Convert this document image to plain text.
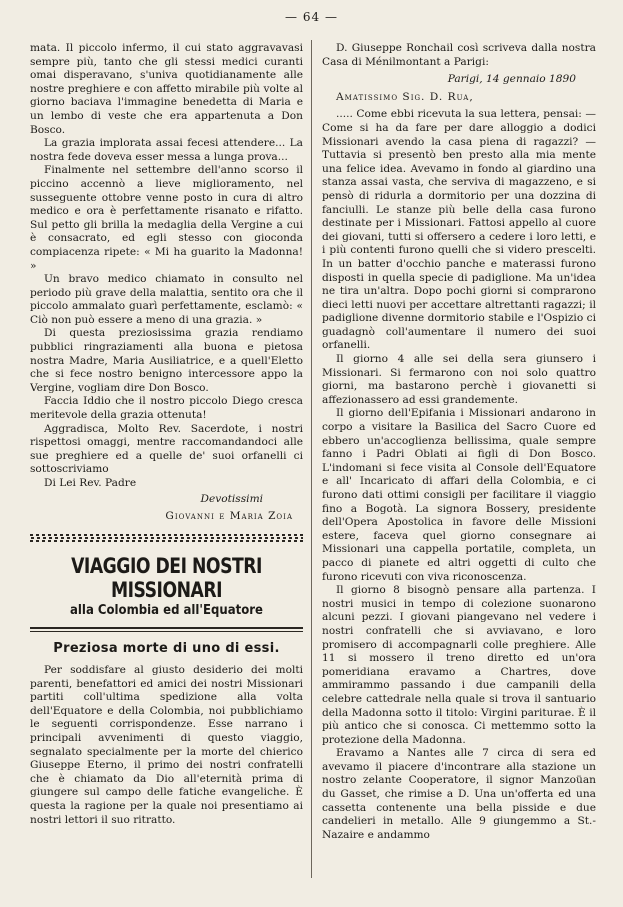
— 64 —

mata. Il piccolo infermo, il cui stato aggravavasi sempre più, tanto che gli stessi medici curanti omai disperavano, s'univa quotidianamente alle nostre preghiere e con affetto mirabile più volte al giorno baciava l'immagine benedetta di Maria e un lembo di veste che era appartenuta a Don Bosco.

La grazia implorata assai fecesi attendere... La nostra fede doveva esser messa a lunga prova...

Finalmente nel settembre dell'anno scorso il piccino accennò a lieve miglioramento, nel susseguente ottobre venne posto in cura di altro medico e ora è perfettamente risanato e rifatto. Sul petto gli brilla la medaglia della Vergine a cui è consacrato, ed egli stesso con gioconda compiacenza ripete: « Mi ha guarito la Madonna! »

Un bravo medico chiamato in consulto nel periodo più grave della malattia, sentito ora che il piccolo ammalato guarì perfettamente, esclamò: « Ciò non può essere a meno di una grazia. »

Di questa preziosissima grazia rendiamo pubblici ringraziamenti alla buona e pietosa nostra Madre, Maria Ausiliatrice, e a quell'Eletto che si fece nostro benigno intercessore appo la Vergine, vogliam dire Don Bosco.

Faccia Iddio che il nostro piccolo Diego cresca meritevole della grazia ottenuta!

Aggradisca, Molto Rev. Sacerdote, i nostri rispettosi omaggi, mentre raccomandandoci alle sue preghiere ed a quelle de' suoi orfanelli ci sottoscriviamo

Di Lei Rev. Padre

Devotissimi
Giovanni e Maria Zoia
VIAGGIO DEI NOSTRI MISSIONARI
alla Colombia ed all'Equatore
Preziosa morte di uno di essi.

Per soddisfare al giusto desiderio dei molti parenti, benefattori ed amici dei nostri Missionari partiti coll'ultima spedizione alla volta dell'Equatore e della Colombia, noi pubblichiamo le seguenti corrispondenze. Esse narrano i principali avvenimenti di questo viaggio, segnalato specialmente per la morte del chierico Giuseppe Eterno, il primo dei nostri confratelli che è chiamato da Dio all'eternità prima di giungere sul campo delle fatiche evangeliche. È questa la ragione per la quale noi presentiamo ai nostri lettori il suo ritratto.

D. Giuseppe Ronchail così scriveva dalla nostra Casa di Ménilmontant a Parigi:

Parigi, 14 gennaio 1890
Amatissimo Sig. D. Rua,

..... Come ebbi ricevuta la sua lettera, pensai: — Come si ha da fare per dare alloggio a dodici Missionari avendo la casa piena di ragazzi? — Tuttavia si presentò ben presto alla mia mente una felice idea. Avevamo in fondo al giardino una stanza assai vasta, che serviva di magazzeno, e si pensò di ridurla a dormitorio per una dozzina di fanciulli. Le stanze più belle della casa furono destinate per i Missionari. Fattosi appello al cuore dei giovani, tutti si offersero a cedere i loro letti, e i più contenti furono quelli che si videro prescelti. In un batter d'occhio panche e materassi furono disposti in quella specie di padiglione. Ma un'idea ne tira un'altra. Dopo pochi giorni si comprarono dieci letti nuovi per accettare altrettanti ragazzi; il padiglione divenne dormitorio stabile e l'Ospizio ci guadagnò coll'aumentare il numero dei suoi orfanelli.

Il giorno 4 alle sei della sera giunsero i Missionari. Si fermarono con noi solo quattro giorni, ma bastarono perchè i giovanetti si affezionassero ad essi grandemente.

Il giorno dell'Epifania i Missionari andarono in corpo a visitare la Basilica del Sacro Cuore ed ebbero un'accoglienza bellissima, quale sempre fanno i Padri Oblati ai figli di Don Bosco. L'indomani si fece visita al Console dell'Equatore e all' Incaricato di affari della Colombia, e ci furono dati ottimi consigli per facilitare il viaggio fino a Bogotà. La signora Bossery, presidente dell'Opera Apostolica in favore delle Missioni estere, faceva quel giorno consegnare ai Missionari una cappella portatile, completa, un pacco di pianete ed altri oggetti di culto che furono ricevuti con viva riconoscenza.

Il giorno 8 bisognò pensare alla partenza. I nostri musici in tempo di colezione suonarono alcuni pezzi. I giovani piangevano nel vedere i nostri confratelli che si avviavano, e loro promisero di accompagnarli colle preghiere. Alle 11 si mossero il treno diretto ed un'ora pomeridiana eravamo a Chartres, dove ammirammo passando i due campanili della celebre cattedrale nella quale si trova il santuario della Madonna sotto il titolo: Virgini pariturae. È il più antico che si conosca. Ci mettemmo sotto la protezione della Madonna.

Eravamo a Nantes alle 7 circa di sera ed avevamo il piacere d'incontrare alla stazione un nostro zelante Cooperatore, il signor Manzoüan du Gasset, che rimise a D. Una un'offerta ed una cassetta contenente una bella pisside e due candelieri in metallo. Alle 9 giungemmo a St.-Nazaire e andammo
